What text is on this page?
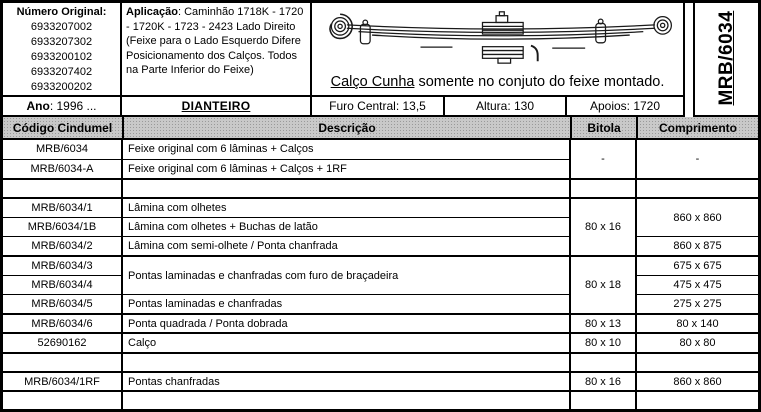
Número Original:
6933207002
6933207302
6933200102
6933207402
6933200202
Aplicação: Caminhão 1718K - 1720 - 1720K - 1723 - 2423 Lado Direito (Feixe para o Lado Esquerdo Difere Posicionamento dos Calços. Todos na Parte Inferior do Feixe)
Calço Cunha somente no conjuto do feixe montado.	MRB/6034
Ano : 1996 ...	DIANTEIRO	Furo Central: 13,5	Altura: 130	Apoios: 1720
Código Cindumel	Descrição	Bitola	Comprimento
MRB/6034	Feixe original com 6 lâminas + Calços	-	-
MRB/6034-A	Feixe original com 6 lâminas + Calços + 1RF		

MRB/6034/1	Lâmina com olhetes	80 x 16	860 x 860
MRB/6034/1B	Lâmina com olhetes + Buchas de latão		
MRB/6034/2	Lâmina com semi-olhete / Ponta chanfrada		860 x 875
MRB/6034/3	Pontas laminadas e chanfradas com furo de braçadeira	80 x 18	675 x 675
MRB/6034/4			475 x 475
MRB/6034/5	Pontas laminadas e chanfradas		275 x 275
MRB/6034/6	Ponta quadrada / Ponta dobrada	80 x 13	80 x 140
52690162	Calço	80 x 10	80 x 80

MRB/6034/1RF	Pontas chanfradas	80 x 16	860 x 860
